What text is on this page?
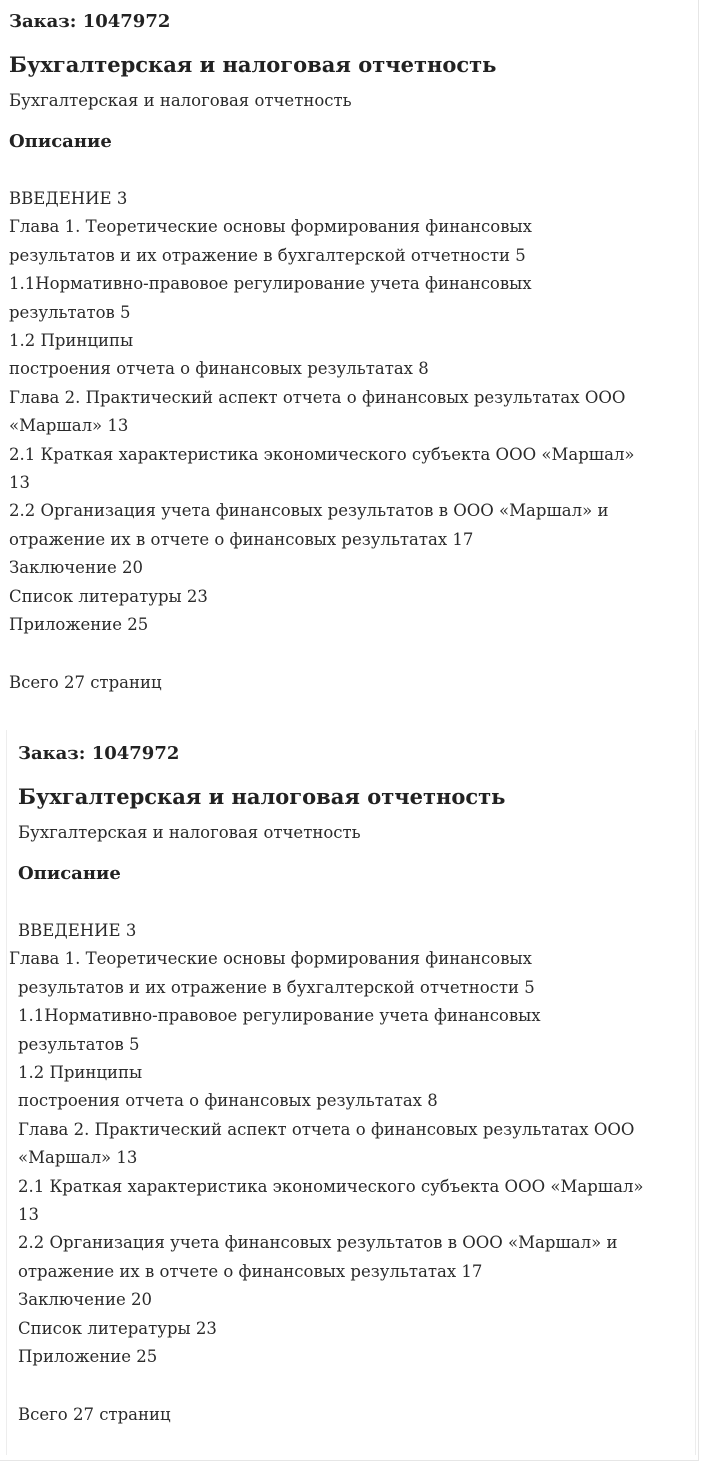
Заказ: 1047972

Бухгалтерская и налоговая отчетность

Бухгалтерская и налоговая отчетность

Описание

ВВЕДЕНИЕ 3

Глава 1. Теоретические основы формирования финансовых

результатов и их отражение в бухгалтерской отчетности 5

1.1Нормативно-правовое регулирование учета финансовых

результатов 5

1.2 Принципы

построения отчета о финансовых результатах 8

Глава 2. Практический аспект отчета о финансовых результатах ООО

«Маршал» 13

2.1 Краткая характеристика экономического субъекта ООО «Маршал»

13

2.2 Организация учета финансовых результатов в ООО «Маршал» и

отражение их в отчете о финансовых результатах 17

Заключение 20

Список литературы 23

Приложение 25

Всего 27 страниц

Заказ: 1047972

Бухгалтерская и налоговая отчетность

Бухгалтерская и налоговая отчетность

Описание

ВВЕДЕНИЕ 3

Глава 1. Теоретические основы формирования финансовых

результатов и их отражение в бухгалтерской отчетности 5

1.1Нормативно-правовое регулирование учета финансовых

результатов 5

1.2 Принципы

построения отчета о финансовых результатах 8

Глава 2. Практический аспект отчета о финансовых результатах ООО

«Маршал» 13

2.1 Краткая характеристика экономического субъекта ООО «Маршал»

13

2.2 Организация учета финансовых результатов в ООО «Маршал» и

отражение их в отчете о финансовых результатах 17

Заключение 20

Список литературы 23

Приложение 25

Всего 27 страниц
